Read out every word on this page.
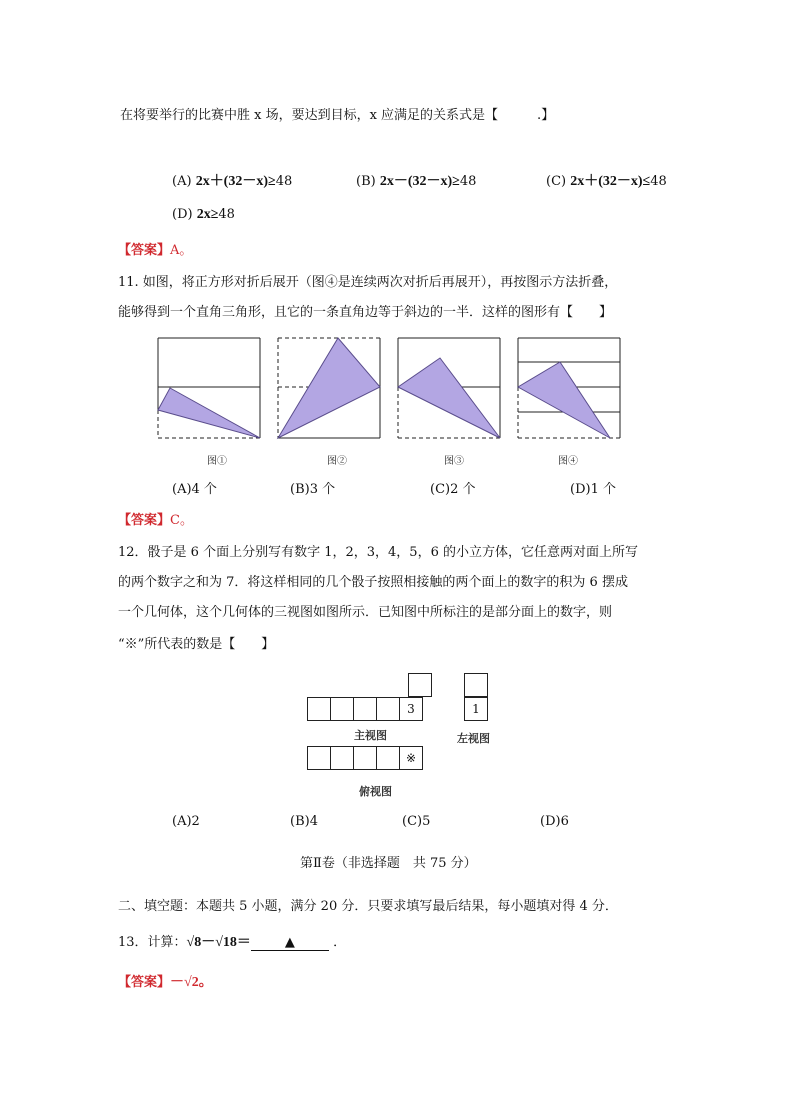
在将要举行的比赛中胜 x 场，要达到目标，x 应满足的关系式是【　　　.】
(A) 2x＋(32－x)≥48	(B) 2x－(32－x)≥48	(C) 2x＋(32－x)≤48
(D) 2x≥48
【答案】A。
11. 如图，将正方形对折后展开（图④是连续两次对折后再展开），再按图示方法折叠，
能够得到一个直角三角形，且它的一条直角边等于斜边的一半．这样的图形有【　　】
图①	图②	图③	图④
(A)4 个	(B)3 个	(C)2 个	(D)1 个
【答案】C。
12．骰子是 6 个面上分别写有数字 1，2，3，4，5，6 的小立方体，它任意两对面上所写
的两个数字之和为 7．将这样相同的几个骰子按照相接触的两个面上的数字的积为 6 摆成
一个几何体，这个几何体的三视图如图所示．已知图中所标注的是部分面上的数字，则
“※”所代表的数是【　　】
3
主视图
1
左视图
※
俯视图
(A)2	(B)4	(C)5	(D)6
第Ⅱ卷（非选择题　共 75 分）
二、填空题：本题共 5 小题，满分 20 分．只要求填写最后结果，每小题填对得 4 分．
13．计算：√8－√18＝	▲	．
【答案】－√2。
